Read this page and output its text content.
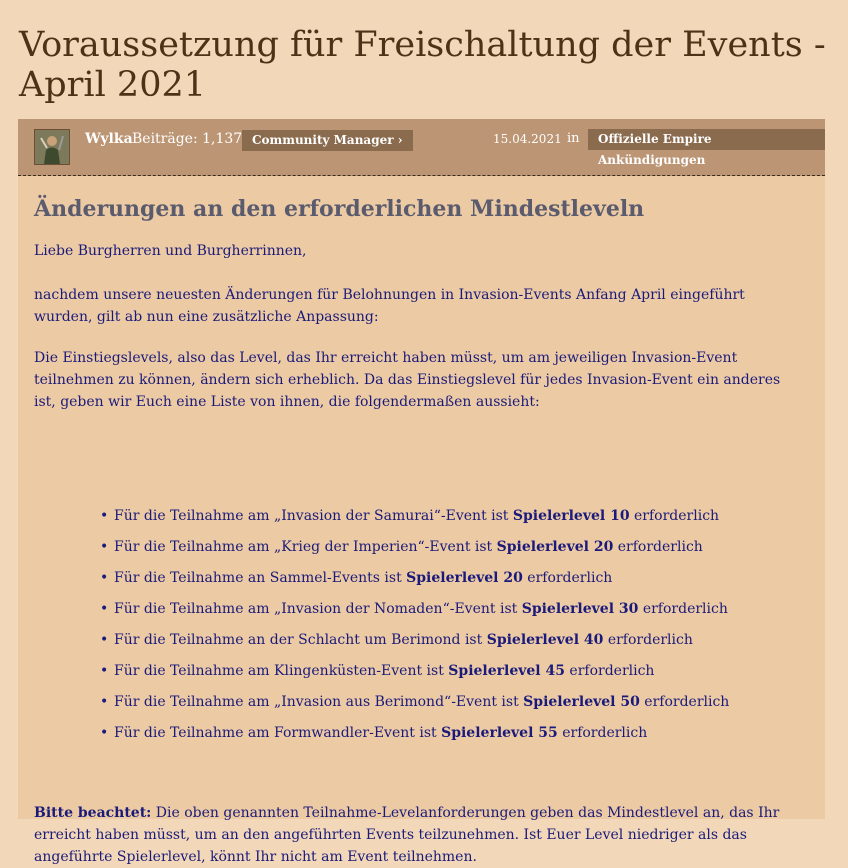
Voraussetzung für Freischaltung der Events - April 2021
Wylka Beiträge: 1,137 Community Manager ›	15.04.2021 in	Offizielle Empire Ankündigungen
Änderungen an den erforderlichen Mindestleveln

Liebe Burgherren und Burgherrinnen,

nachdem unsere neuesten Änderungen für Belohnungen in Invasion-Events Anfang April eingeführt wurden, gilt ab nun eine zusätzliche Anpassung:

Die Einstiegslevels, also das Level, das Ihr erreicht haben müsst, um am jeweiligen Invasion-Event teilnehmen zu können, ändern sich erheblich. Da das Einstiegslevel für jedes Invasion-Event ein anderes ist, geben wir Euch eine Liste von ihnen, die folgendermaßen aussieht:

• Für die Teilnahme am „Invasion der Samurai“-Event ist Spielerlevel 10 erforderlich
• Für die Teilnahme am „Krieg der Imperien“-Event ist Spielerlevel 20 erforderlich
• Für die Teilnahme an Sammel-Events ist Spielerlevel 20 erforderlich
• Für die Teilnahme am „Invasion der Nomaden“-Event ist Spielerlevel 30 erforderlich
• Für die Teilnahme an der Schlacht um Berimond ist Spielerlevel 40 erforderlich
• Für die Teilnahme am Klingenküsten-Event ist Spielerlevel 45 erforderlich
• Für die Teilnahme am „Invasion aus Berimond“-Event ist Spielerlevel 50 erforderlich
• Für die Teilnahme am Formwandler-Event ist Spielerlevel 55 erforderlich

Bitte beachtet: Die oben genannten Teilnahme-Levelanforderungen geben das Mindestlevel an, das Ihr erreicht haben müsst, um an den angeführten Events teilzunehmen. Ist Euer Level niedriger als das angeführte Spielerlevel, könnt Ihr nicht am Event teilnehmen.
